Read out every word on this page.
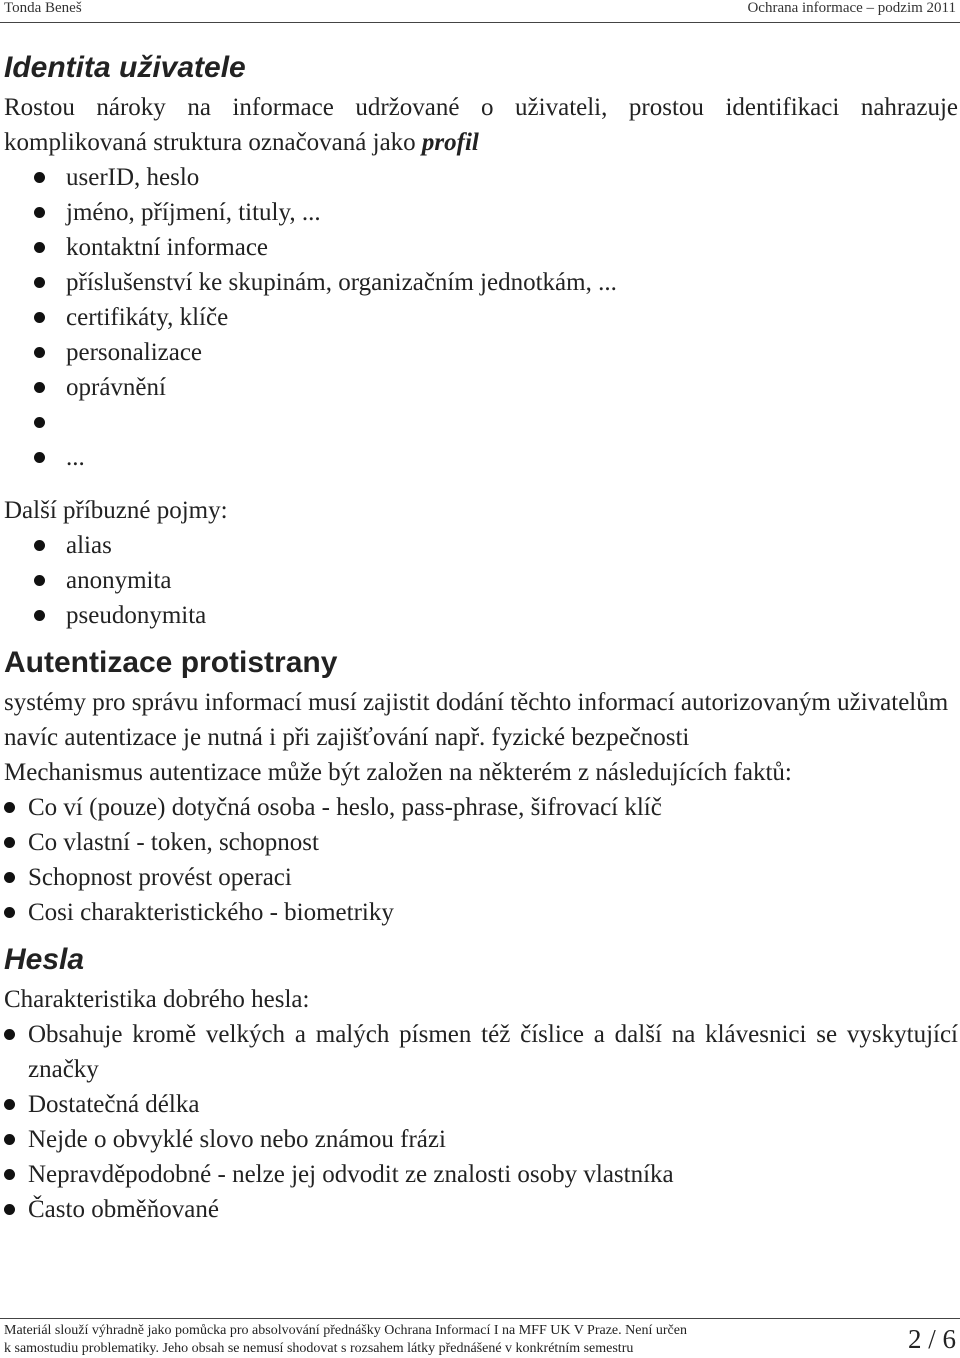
Tonda Beneš	Ochrana informace – podzim 2011
Identita uživatele

Rostou nároky na informace udržované o uživateli, prostou identifikaci nahrazuje komplikovaná struktura označovaná jako profil

userID, heslo
jméno, příjmení, tituly, ...
kontaktní informace
příslušenství ke skupinám, organizačním jednotkám, ...
certifikáty, klíče
personalizace
oprávnění
...

Další příbuzné pojmy:

alias
anonymita
pseudonymita
Autentizace protistrany

systémy pro správu informací musí zajistit dodání těchto informací autorizovaným uživatelům

navíc autentizace je nutná i při zajišťování např. fyzické bezpečnosti

Mechanismus autentizace může být založen na některém z následujících faktů:

Co ví (pouze) dotyčná osoba - heslo, pass-phrase, šifrovací klíč
Co vlastní - token, schopnost
Schopnost provést operaci
Cosi charakteristického - biometriky
Hesla

Charakteristika dobrého hesla:

Obsahuje kromě velkých a malých písmen též číslice a další na klávesnici se vyskytující značky
Dostatečná délka
Nejde o obvyklé slovo nebo známou frázi
Nepravděpodobné - nelze jej odvodit ze znalosti osoby vlastníka
Často obměňované
Materiál slouží výhradně jako pomůcka pro absolvování přednášky Ochrana Informací I na MFF UK V Praze. Není určen
k samostudiu problematiky. Jeho obsah se nemusí shodovat s rozsahem látky přednášené v konkrétním semestru	2 / 6
